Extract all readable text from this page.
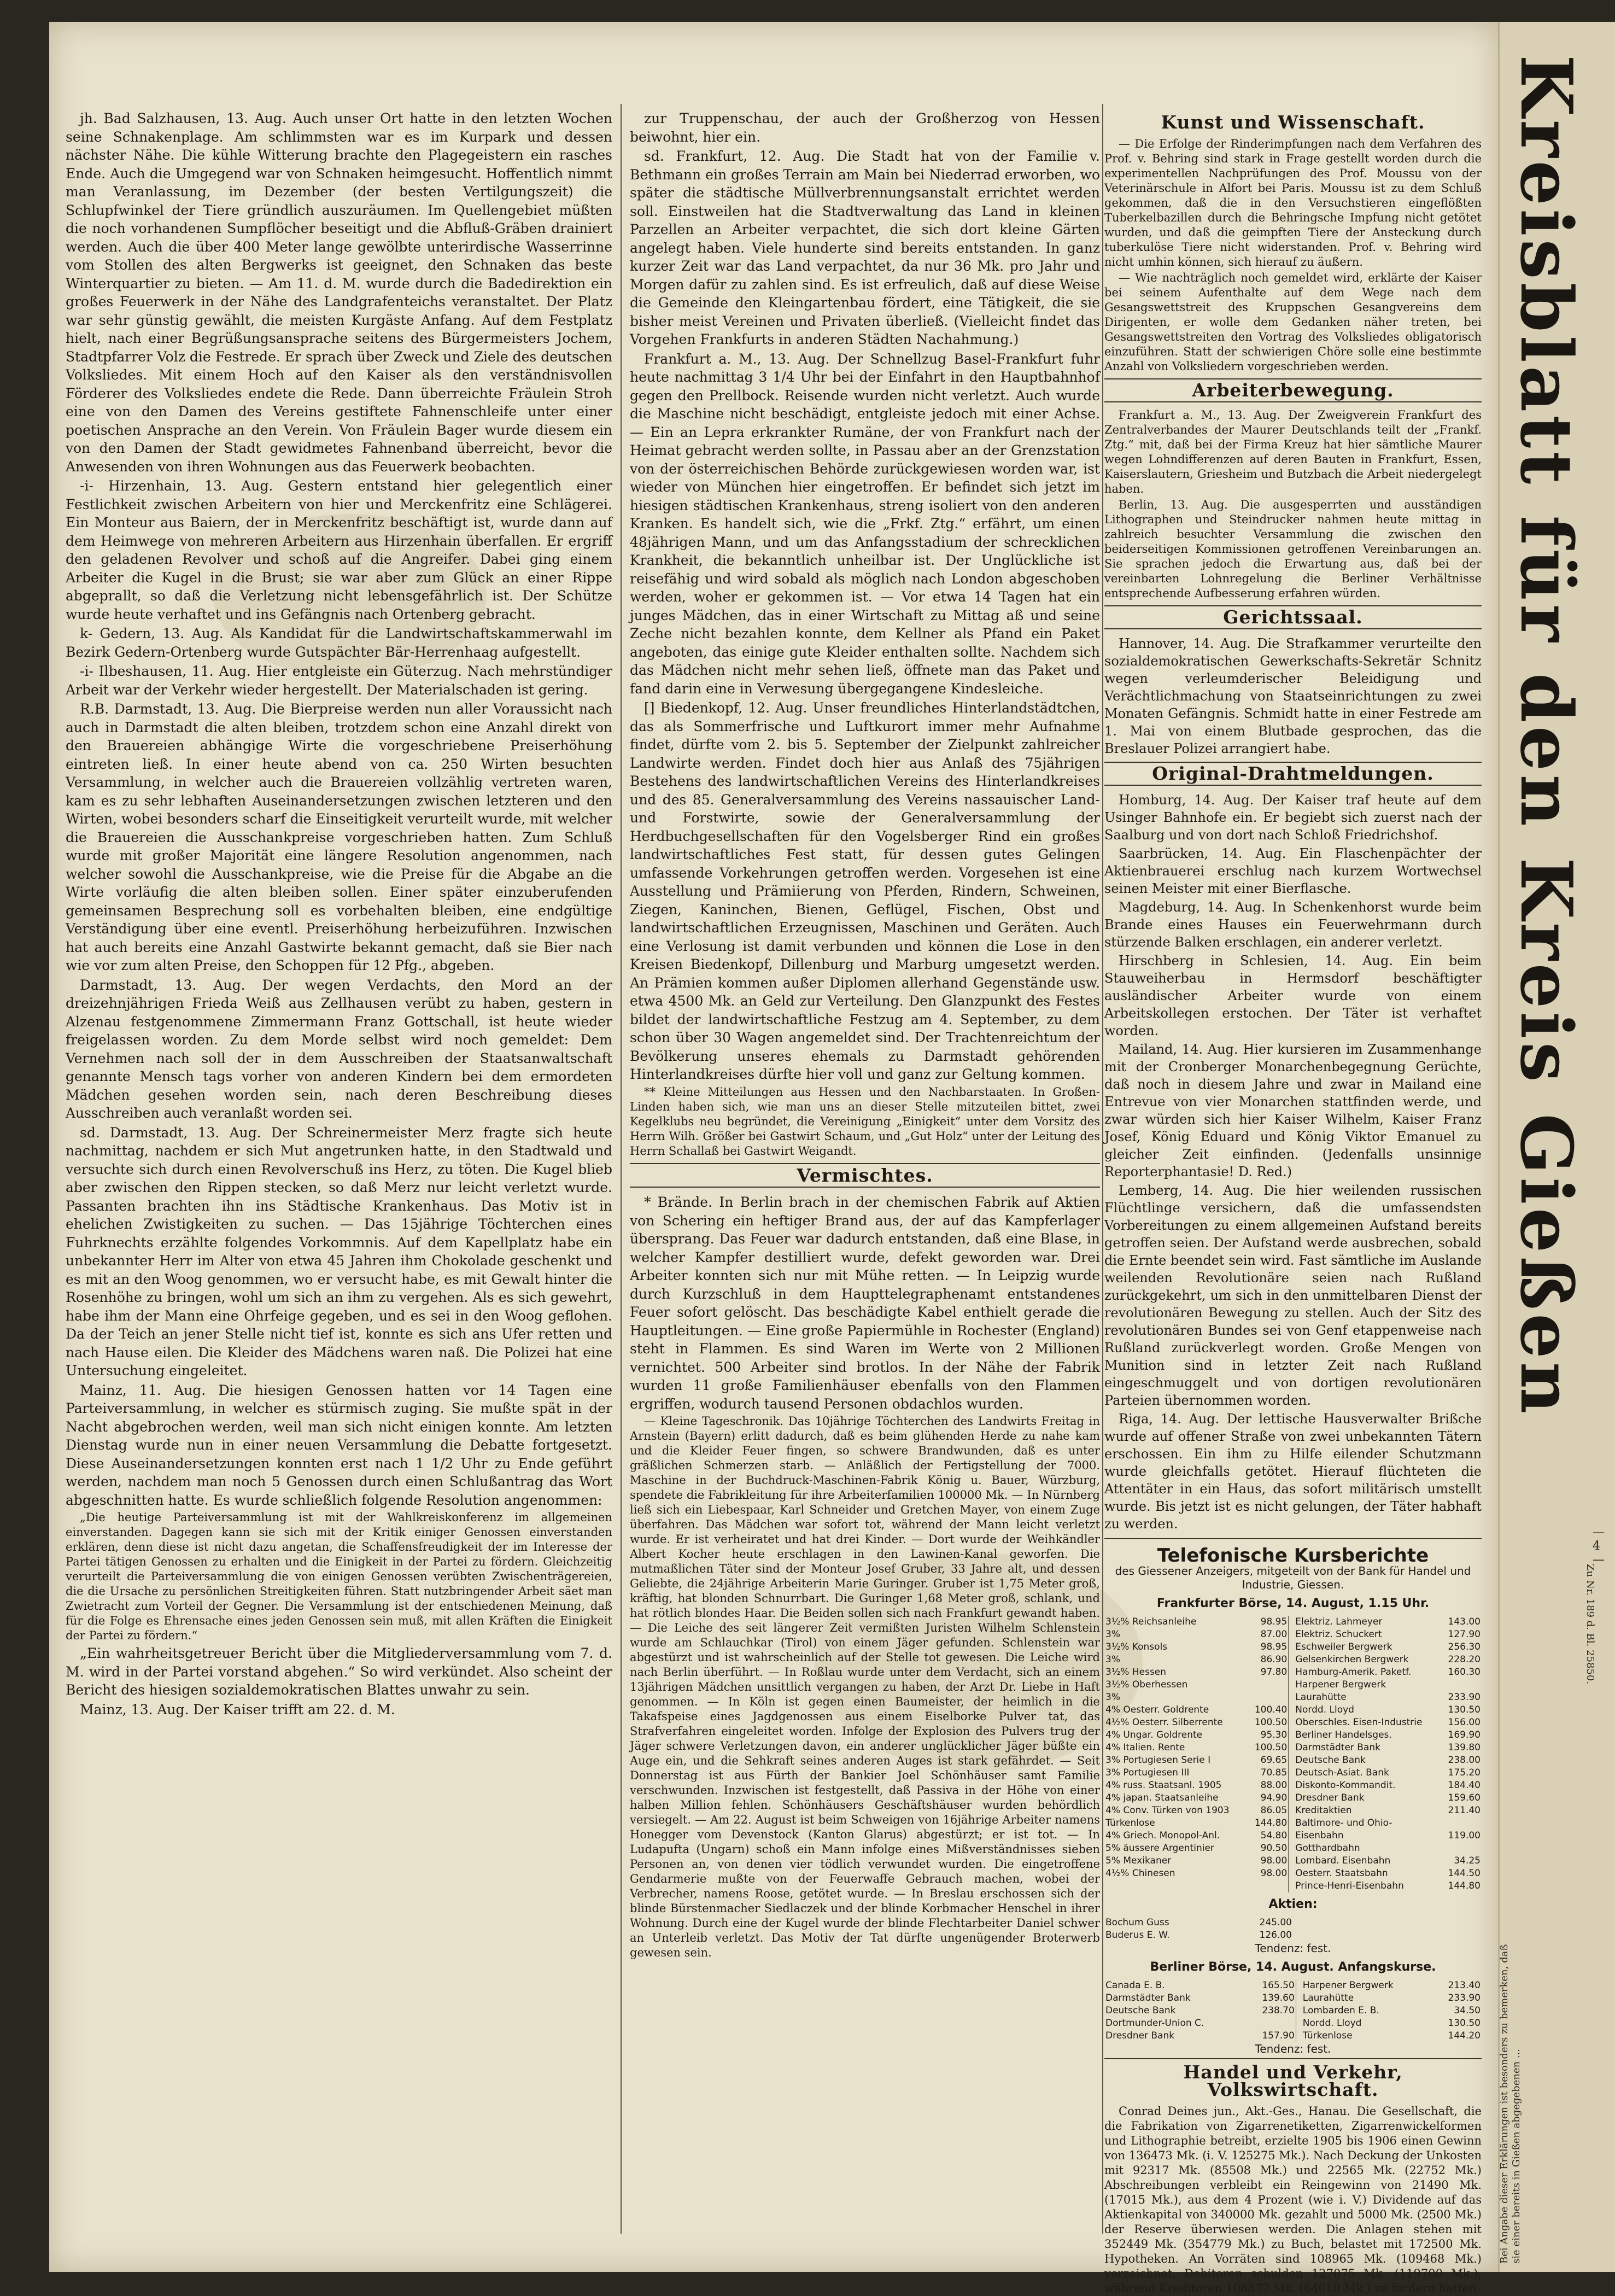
jh. Bad Salzhausen, 13. Aug. Auch unser Ort hatte in den letzten Wochen seine Schnakenplage. Am schlimmsten war es im Kurpark und dessen nächster Nähe. Die kühle Witterung brachte den Plagegeistern ein rasches Ende. Auch die Umgegend war von Schnaken heimgesucht. Hoffentlich nimmt man Veranlassung, im Dezember (der besten Vertilgungszeit) die Schlupfwinkel der Tiere gründlich auszuräumen. Im Quellengebiet müßten die noch vorhandenen Sumpflöcher beseitigt und die Abfluß-Gräben drainiert werden. Auch die über 400 Meter lange gewölbte unterirdische Wasserrinne vom Stollen des alten Bergwerks ist geeignet, den Schnaken das beste Winterquartier zu bieten. — Am 11. d. M. wurde durch die Badedirektion ein großes Feuerwerk in der Nähe des Landgrafenteichs veranstaltet. Der Platz war sehr günstig gewählt, die meisten Kurgäste Anfang. Auf dem Festplatz hielt, nach einer Begrüßungsansprache seitens des Bürgermeisters Jochem, Stadtpfarrer Volz die Festrede. Er sprach über Zweck und Ziele des deutschen Volksliedes. Mit einem Hoch auf den Kaiser als den verständnisvollen Förderer des Volksliedes endete die Rede. Dann überreichte Fräulein Stroh eine von den Damen des Vereins gestiftete Fahnenschleife unter einer poetischen Ansprache an den Verein. Von Fräulein Bager wurde diesem ein von den Damen der Stadt gewidmetes Fahnenband überreicht, bevor die Anwesenden von ihren Wohnungen aus das Feuerwerk beobachten.

-i- Hirzenhain, 13. Aug. Gestern entstand hier gelegentlich einer Festlichkeit zwischen Arbeitern von hier und Merckenfritz eine Schlägerei. Ein Monteur aus Baiern, der in Merckenfritz beschäftigt ist, wurde dann auf dem Heimwege von mehreren Arbeitern aus Hirzenhain überfallen. Er ergriff den geladenen Revolver und schoß auf die Angreifer. Dabei ging einem Arbeiter die Kugel in die Brust; sie war aber zum Glück an einer Rippe abgeprallt, so daß die Verletzung nicht lebensgefährlich ist. Der Schütze wurde heute verhaftet und ins Gefängnis nach Ortenberg gebracht.

k- Gedern, 13. Aug. Als Kandidat für die Landwirtschaftskammerwahl im Bezirk Gedern-Ortenberg wurde Gutspächter Bär-Herrenhaag aufgestellt.

-i- Ilbeshausen, 11. Aug. Hier entgleiste ein Güterzug. Nach mehrstündiger Arbeit war der Verkehr wieder hergestellt. Der Materialschaden ist gering.

R.B. Darmstadt, 13. Aug. Die Bierpreise werden nun aller Voraussicht nach auch in Darmstadt die alten bleiben, trotzdem schon eine Anzahl direkt von den Brauereien abhängige Wirte die vorgeschriebene Preiserhöhung eintreten ließ. In einer heute abend von ca. 250 Wirten besuchten Versammlung, in welcher auch die Brauereien vollzählig vertreten waren, kam es zu sehr lebhaften Auseinandersetzungen zwischen letzteren und den Wirten, wobei besonders scharf die Einseitigkeit verurteilt wurde, mit welcher die Brauereien die Ausschankpreise vorgeschrieben hatten. Zum Schluß wurde mit großer Majorität eine längere Resolution angenommen, nach welcher sowohl die Ausschankpreise, wie die Preise für die Abgabe an die Wirte vorläufig die alten bleiben sollen. Einer später einzuberufenden gemeinsamen Besprechung soll es vorbehalten bleiben, eine endgültige Verständigung über eine eventl. Preiserhöhung herbeizuführen. Inzwischen hat auch bereits eine Anzahl Gastwirte bekannt gemacht, daß sie Bier nach wie vor zum alten Preise, den Schoppen für 12 Pfg., abgeben.

Darmstadt, 13. Aug. Der wegen Verdachts, den Mord an der dreizehnjährigen Frieda Weiß aus Zellhausen verübt zu haben, gestern in Alzenau festgenommene Zimmermann Franz Gottschall, ist heute wieder freigelassen worden. Zu dem Morde selbst wird noch gemeldet: Dem Vernehmen nach soll der in dem Ausschreiben der Staatsanwaltschaft genannte Mensch tags vorher von anderen Kindern bei dem ermordeten Mädchen gesehen worden sein, nach deren Beschreibung dieses Ausschreiben auch veranlaßt worden sei.

sd. Darmstadt, 13. Aug. Der Schreinermeister Merz fragte sich heute nachmittag, nachdem er sich Mut angetrunken hatte, in den Stadtwald und versuchte sich durch einen Revolverschuß ins Herz, zu töten. Die Kugel blieb aber zwischen den Rippen stecken, so daß Merz nur leicht verletzt wurde. Passanten brachten ihn ins Städtische Krankenhaus. Das Motiv ist in ehelichen Zwistigkeiten zu suchen. — Das 15jährige Töchterchen eines Fuhrknechts erzählte folgendes Vorkommnis. Auf dem Kapellplatz habe ein unbekannter Herr im Alter von etwa 45 Jahren ihm Chokolade geschenkt und es mit an den Woog genommen, wo er versucht habe, es mit Gewalt hinter die Rosenhöhe zu bringen, wohl um sich an ihm zu vergehen. Als es sich gewehrt, habe ihm der Mann eine Ohrfeige gegeben, und es sei in den Woog geflohen. Da der Teich an jener Stelle nicht tief ist, konnte es sich ans Ufer retten und nach Hause eilen. Die Kleider des Mädchens waren naß. Die Polizei hat eine Untersuchung eingeleitet.

Mainz, 11. Aug. Die hiesigen Genossen hatten vor 14 Tagen eine Parteiversammlung, in welcher es stürmisch zuging. Sie mußte spät in der Nacht abgebrochen werden, weil man sich nicht einigen konnte. Am letzten Dienstag wurde nun in einer neuen Versammlung die Debatte fortgesetzt. Diese Auseinandersetzungen konnten erst nach 1 1/2 Uhr zu Ende geführt werden, nachdem man noch 5 Genossen durch einen Schlußantrag das Wort abgeschnitten hatte. Es wurde schließlich folgende Resolution angenommen:

„Die heutige Parteiversammlung ist mit der Wahlkreiskonferenz im allgemeinen einverstanden. Dagegen kann sie sich mit der Kritik einiger Genossen einverstanden erklären, denn diese ist nicht dazu angetan, die Schaffensfreudigkeit der im Interesse der Partei tätigen Genossen zu erhalten und die Einigkeit in der Partei zu fördern. Gleichzeitig verurteilt die Parteiversammlung die von einigen Genossen verübten Zwischenträgereien, die die Ursache zu persönlichen Streitigkeiten führen. Statt nutzbringender Arbeit säet man Zwietracht zum Vorteil der Gegner. Die Versammlung ist der entschiedenen Meinung, daß für die Folge es Ehrensache eines jeden Genossen sein muß, mit allen Kräften die Einigkeit der Partei zu fördern.“

„Ein wahrheitsgetreuer Bericht über die Mitgliederversammlung vom 7. d. M. wird in der Partei vorstand abgehen.“ So wird verkündet. Also scheint der Bericht des hiesigen sozialdemokratischen Blattes unwahr zu sein.

Mainz, 13. Aug. Der Kaiser trifft am 22. d. M.

zur Truppenschau, der auch der Großherzog von Hessen beiwohnt, hier ein.

sd. Frankfurt, 12. Aug. Die Stadt hat von der Familie v. Bethmann ein großes Terrain am Main bei Niederrad erworben, wo später die städtische Müllverbrennungsanstalt errichtet werden soll. Einstweilen hat die Stadtverwaltung das Land in kleinen Parzellen an Arbeiter verpachtet, die sich dort kleine Gärten angelegt haben. Viele hunderte sind bereits entstanden. In ganz kurzer Zeit war das Land verpachtet, da nur 36 Mk. pro Jahr und Morgen dafür zu zahlen sind. Es ist erfreulich, daß auf diese Weise die Gemeinde den Kleingartenbau fördert, eine Tätigkeit, die sie bisher meist Vereinen und Privaten überließ. (Vielleicht findet das Vorgehen Frankfurts in anderen Städten Nachahmung.)

Frankfurt a. M., 13. Aug. Der Schnellzug Basel-Frankfurt fuhr heute nachmittag 3 1/4 Uhr bei der Einfahrt in den Hauptbahnhof gegen den Prellbock. Reisende wurden nicht verletzt. Auch wurde die Maschine nicht beschädigt, entgleiste jedoch mit einer Achse. — Ein an Lepra erkrankter Rumäne, der von Frankfurt nach der Heimat gebracht werden sollte, in Passau aber an der Grenzstation von der österreichischen Behörde zurückgewiesen worden war, ist wieder von München hier eingetroffen. Er befindet sich jetzt im hiesigen städtischen Krankenhaus, streng isoliert von den anderen Kranken. Es handelt sich, wie die „Frkf. Ztg.“ erfährt, um einen 48jährigen Mann, und um das Anfangsstadium der schrecklichen Krankheit, die bekanntlich unheilbar ist. Der Unglückliche ist reisefähig und wird sobald als möglich nach London abgeschoben werden, woher er gekommen ist. — Vor etwa 14 Tagen hat ein junges Mädchen, das in einer Wirtschaft zu Mittag aß und seine Zeche nicht bezahlen konnte, dem Kellner als Pfand ein Paket angeboten, das einige gute Kleider enthalten sollte. Nachdem sich das Mädchen nicht mehr sehen ließ, öffnete man das Paket und fand darin eine in Verwesung übergegangene Kindesleiche.

[] Biedenkopf, 12. Aug. Unser freundliches Hinterlandstädtchen, das als Sommerfrische und Luftkurort immer mehr Aufnahme findet, dürfte vom 2. bis 5. September der Zielpunkt zahlreicher Landwirte werden. Findet doch hier aus Anlaß des 75jährigen Bestehens des landwirtschaftlichen Vereins des Hinterlandkreises und des 85. Generalversammlung des Vereins nassauischer Land- und Forstwirte, sowie der Generalversammlung der Herdbuchgesellschaften für den Vogelsberger Rind ein großes landwirtschaftliches Fest statt, für dessen gutes Gelingen umfassende Vorkehrungen getroffen werden. Vorgesehen ist eine Ausstellung und Prämiierung von Pferden, Rindern, Schweinen, Ziegen, Kaninchen, Bienen, Geflügel, Fischen, Obst und landwirtschaftlichen Erzeugnissen, Maschinen und Geräten. Auch eine Verlosung ist damit verbunden und können die Lose in den Kreisen Biedenkopf, Dillenburg und Marburg umgesetzt werden. An Prämien kommen außer Diplomen allerhand Gegenstände usw. etwa 4500 Mk. an Geld zur Verteilung. Den Glanzpunkt des Festes bildet der landwirtschaftliche Festzug am 4. September, zu dem schon über 30 Wagen angemeldet sind. Der Trachtenreichtum der Bevölkerung unseres ehemals zu Darmstadt gehörenden Hinterlandkreises dürfte hier voll und ganz zur Geltung kommen.

** Kleine Mitteilungen aus Hessen und den Nachbarstaaten. In Großen-Linden haben sich, wie man uns an dieser Stelle mitzuteilen bittet, zwei Kegelklubs neu begründet, die Vereinigung „Einigkeit“ unter dem Vorsitz des Herrn Wilh. Größer bei Gastwirt Schaum, und „Gut Holz“ unter der Leitung des Herrn Schallaß bei Gastwirt Weigandt.

Vermischtes.

* Brände. In Berlin brach in der chemischen Fabrik auf Aktien von Schering ein heftiger Brand aus, der auf das Kampferlager übersprang. Das Feuer war dadurch entstanden, daß eine Blase, in welcher Kampfer destilliert wurde, defekt geworden war. Drei Arbeiter konnten sich nur mit Mühe retten. — In Leipzig wurde durch Kurzschluß in dem Haupttelegraphenamt entstandenes Feuer sofort gelöscht. Das beschädigte Kabel enthielt gerade die Hauptleitungen. — Eine große Papiermühle in Rochester (England) steht in Flammen. Es sind Waren im Werte von 2 Millionen vernichtet. 500 Arbeiter sind brotlos. In der Nähe der Fabrik wurden 11 große Familienhäuser ebenfalls von den Flammen ergriffen, wodurch tausend Personen obdachlos wurden.

— Kleine Tageschronik. Das 10jährige Töchterchen des Landwirts Freitag in Arnstein (Bayern) erlitt dadurch, daß es beim glühenden Herde zu nahe kam und die Kleider Feuer fingen, so schwere Brandwunden, daß es unter gräßlichen Schmerzen starb. — Anläßlich der Fertigstellung der 7000. Maschine in der Buchdruck-Maschinen-Fabrik König u. Bauer, Würzburg, spendete die Fabrikleitung für ihre Arbeiterfamilien 100000 Mk. — In Nürnberg ließ sich ein Liebespaar, Karl Schneider und Gretchen Mayer, von einem Zuge überfahren. Das Mädchen war sofort tot, während der Mann leicht verletzt wurde. Er ist verheiratet und hat drei Kinder. — Dort wurde der Weihkändler Albert Kocher heute erschlagen in den Lawinen-Kanal geworfen. Die mutmaßlichen Täter sind der Monteur Josef Gruber, 33 Jahre alt, und dessen Geliebte, die 24jährige Arbeiterin Marie Guringer. Gruber ist 1,75 Meter groß, kräftig, hat blonden Schnurrbart. Die Guringer 1,68 Meter groß, schlank, und hat rötlich blondes Haar. Die Beiden sollen sich nach Frankfurt gewandt haben. — Die Leiche des seit längerer Zeit vermißten Juristen Wilhelm Schlenstein wurde am Schlauchkar (Tirol) von einem Jäger gefunden. Schlenstein war abgestürzt und ist wahrscheinlich auf der Stelle tot gewesen. Die Leiche wird nach Berlin überführt. — In Roßlau wurde unter dem Verdacht, sich an einem 13jährigen Mädchen unsittlich vergangen zu haben, der Arzt Dr. Liebe in Haft genommen. — In Köln ist gegen einen Baumeister, der heimlich in die Takafspeise eines Jagdgenossen aus einem Eiselborke Pulver tat, das Strafverfahren eingeleitet worden. Infolge der Explosion des Pulvers trug der Jäger schwere Verletzungen davon, ein anderer unglücklicher Jäger büßte ein Auge ein, und die Sehkraft seines anderen Auges ist stark gefährdet. — Seit Donnerstag ist aus Fürth der Bankier Joel Schönhäuser samt Familie verschwunden. Inzwischen ist festgestellt, daß Passiva in der Höhe von einer halben Million fehlen. Schönhäusers Geschäftshäuser wurden behördlich versiegelt. — Am 22. August ist beim Schweigen von 16jährige Arbeiter namens Honegger vom Devenstock (Kanton Glarus) abgestürzt; er ist tot. — In Ludapufta (Ungarn) schoß ein Mann infolge eines Mißverständnisses sieben Personen an, von denen vier tödlich verwundet wurden. Die eingetroffene Gendarmerie mußte von der Feuerwaffe Gebrauch machen, wobei der Verbrecher, namens Roose, getötet wurde. — In Breslau erschossen sich der blinde Bürstenmacher Siedlaczek und der blinde Korbmacher Henschel in ihrer Wohnung. Durch eine der Kugel wurde der blinde Flechtarbeiter Daniel schwer an Unterleib verletzt. Das Motiv der Tat dürfte ungenügender Broterwerb gewesen sein.

Kunst und Wissenschaft.

— Die Erfolge der Rinderimpfungen nach dem Verfahren des Prof. v. Behring sind stark in Frage gestellt worden durch die experimentellen Nachprüfungen des Prof. Moussu von der Veterinärschule in Alfort bei Paris. Moussu ist zu dem Schluß gekommen, daß die in den Versuchstieren eingeflößten Tuberkelbazillen durch die Behringsche Impfung nicht getötet wurden, und daß die geimpften Tiere der Ansteckung durch tuberkulöse Tiere nicht widerstanden. Prof. v. Behring wird nicht umhin können, sich hierauf zu äußern.

— Wie nachträglich noch gemeldet wird, erklärte der Kaiser bei seinem Aufenthalte auf dem Wege nach dem Gesangswettstreit des Kruppschen Gesangvereins dem Dirigenten, er wolle dem Gedanken näher treten, bei Gesangswettstreiten den Vortrag des Volksliedes obligatorisch einzuführen. Statt der schwierigen Chöre solle eine bestimmte Anzahl von Volksliedern vorgeschrieben werden.

Arbeiterbewegung.

Frankfurt a. M., 13. Aug. Der Zweigverein Frankfurt des Zentralverbandes der Maurer Deutschlands teilt der „Frankf. Ztg.“ mit, daß bei der Firma Kreuz hat hier sämtliche Maurer wegen Lohndifferenzen auf deren Bauten in Frankfurt, Essen, Kaiserslautern, Griesheim und Butzbach die Arbeit niedergelegt haben.

Berlin, 13. Aug. Die ausgesperrten und ausständigen Lithographen und Steindrucker nahmen heute mittag in zahlreich besuchter Versammlung die zwischen den beiderseitigen Kommissionen getroffenen Vereinbarungen an. Sie sprachen jedoch die Erwartung aus, daß bei der vereinbarten Lohnregelung die Berliner Verhältnisse entsprechende Aufbesserung erfahren würden.

Gerichtssaal.

Hannover, 14. Aug. Die Strafkammer verurteilte den sozialdemokratischen Gewerkschafts-Sekretär Schnitz wegen verleumderischer Beleidigung und Verächtlichmachung von Staatseinrichtungen zu zwei Monaten Gefängnis. Schmidt hatte in einer Festrede am 1. Mai von einem Blutbade gesprochen, das die Breslauer Polizei arrangiert habe.

Original-Drahtmeldungen.

Homburg, 14. Aug. Der Kaiser traf heute auf dem Usinger Bahnhofe ein. Er begiebt sich zuerst nach der Saalburg und von dort nach Schloß Friedrichshof.

Saarbrücken, 14. Aug. Ein Flaschenpächter der Aktienbrauerei erschlug nach kurzem Wortwechsel seinen Meister mit einer Bierflasche.

Magdeburg, 14. Aug. In Schenkenhorst wurde beim Brande eines Hauses ein Feuerwehrmann durch stürzende Balken erschlagen, ein anderer verletzt.

Hirschberg in Schlesien, 14. Aug. Ein beim Stauweiherbau in Hermsdorf beschäftigter ausländischer Arbeiter wurde von einem Arbeitskollegen erstochen. Der Täter ist verhaftet worden.

Mailand, 14. Aug. Hier kursieren im Zusammenhange mit der Cronberger Monarchenbegegnung Gerüchte, daß noch in diesem Jahre und zwar in Mailand eine Entrevue von vier Monarchen stattfinden werde, und zwar würden sich hier Kaiser Wilhelm, Kaiser Franz Josef, König Eduard und König Viktor Emanuel zu gleicher Zeit einfinden. (Jedenfalls unsinnige Reporterphantasie! D. Red.)

Lemberg, 14. Aug. Die hier weilenden russischen Flüchtlinge versichern, daß die umfassendsten Vorbereitungen zu einem allgemeinen Aufstand bereits getroffen seien. Der Aufstand werde ausbrechen, sobald die Ernte beendet sein wird. Fast sämtliche im Auslande weilenden Revolutionäre seien nach Rußland zurückgekehrt, um sich in den unmittelbaren Dienst der revolutionären Bewegung zu stellen. Auch der Sitz des revolutionären Bundes sei von Genf etappenweise nach Rußland zurückverlegt worden. Große Mengen von Munition sind in letzter Zeit nach Rußland eingeschmuggelt und von dortigen revolutionären Parteien übernommen worden.

Riga, 14. Aug. Der lettische Hausverwalter Brißche wurde auf offener Straße von zwei unbekannten Tätern erschossen. Ein ihm zu Hilfe eilender Schutzmann wurde gleichfalls getötet. Hierauf flüchteten die Attentäter in ein Haus, das sofort militärisch umstellt wurde. Bis jetzt ist es nicht gelungen, der Täter habhaft zu werden.

Telefonische Kursberichte
des Giessener Anzeigers, mitgeteilt von der Bank für Handel und Industrie, Giessen.
Frankfurter Börse, 14. August, 1.15 Uhr.
3½% Reichsanleihe	98.95		Elektriz. Lahmeyer	143.00
3%	87.00		Elektriz. Schuckert	127.90
3½% Konsols	98.95		Eschweiler Bergwerk	256.30
3%	86.90		Gelsenkirchen Bergwerk	228.20
3½% Hessen	97.80		Hamburg-Amerik. Paketf.	160.30
3½% Oberhessen			Harpener Bergwerk	
3%			Laurahütte	233.90
4% Oesterr. Goldrente	100.40		Nordd. Lloyd	130.50
4½% Oesterr. Silberrente	100.50		Oberschles. Eisen-Industrie	156.00
4% Ungar. Goldrente	95.30		Berliner Handelsges.	169.90
4% Italien. Rente	100.50		Darmstädter Bank	139.80
3% Portugiesen Serie I	69.65		Deutsche Bank	238.00
3% Portugiesen III	70.85		Deutsch-Asiat. Bank	175.20
4% russ. Staatsanl. 1905	88.00		Diskonto-Kommandit.	184.40
4% japan. Staatsanleihe	94.90		Dresdner Bank	159.60
4% Conv. Türken von 1903	86.05		Kreditaktien	211.40
Türkenlose	144.80		Baltimore- und Ohio-	
4% Griech. Monopol-Anl.	54.80		Eisenbahn	119.00
5% äussere Argentinier	90.50		Gotthardbahn	
5% Mexikaner	98.00		Lombard. Eisenbahn	34.25
4½% Chinesen	98.00		Oesterr. Staatsbahn	144.50
			Prince-Henri-Eisenbahn	144.80
Aktien:
Bochum Guss	245.00
Buderus E. W.	126.00
Tendenz: fest.
Berliner Börse, 14. August. Anfangskurse.
Canada E. B.	165.50		Harpener Bergwerk	213.40
Darmstädter Bank	139.60		Laurahütte	233.90
Deutsche Bank	238.70		Lombarden E. B.	34.50
Dortmunder-Union C.			Nordd. Lloyd	130.50
Dresdner Bank	157.90		Türkenlose	144.20
Tendenz: fest.
Handel und Verkehr, Volkswirtschaft.

Conrad Deines jun., Akt.-Ges., Hanau. Die Gesellschaft, die die Fabrikation von Zigarrenetiketten, Zigarrenwickelformen und Lithographie betreibt, erzielte 1905 bis 1906 einen Gewinn von 136473 Mk. (i. V. 125275 Mk.). Nach Deckung der Unkosten mit 92317 Mk. (85508 Mk.) und 22565 Mk. (22752 Mk.) Abschreibungen verbleibt ein Reingewinn von 21490 Mk. (17015 Mk.), aus dem 4 Prozent (wie i. V.) Dividende auf das Aktienkapital von 340000 Mk. gezahlt und 5000 Mk. (2500 Mk.) der Reserve überwiesen werden. Die Anlagen stehen mit 352449 Mk. (354779 Mk.) zu Buch, belastet mit 172500 Mk. Hypotheken. An Vorräten sind 108965 Mk. (109468 Mk.) verzeichnet. Debitoren schulden 127075 Mk. (119700 Mk.), während Kreditoren 108877 Mk. (64010 Mk.) zu fordern hatten.

Kreisblatt für den Kreis Gießen
— 4 —
Zu Nr. 189 d. Bl. 25850.
Bei Angabe dieser Erklärungen ist besonders zu bemerken, daß sie einer bereits in Gießen abgegebenen ...
